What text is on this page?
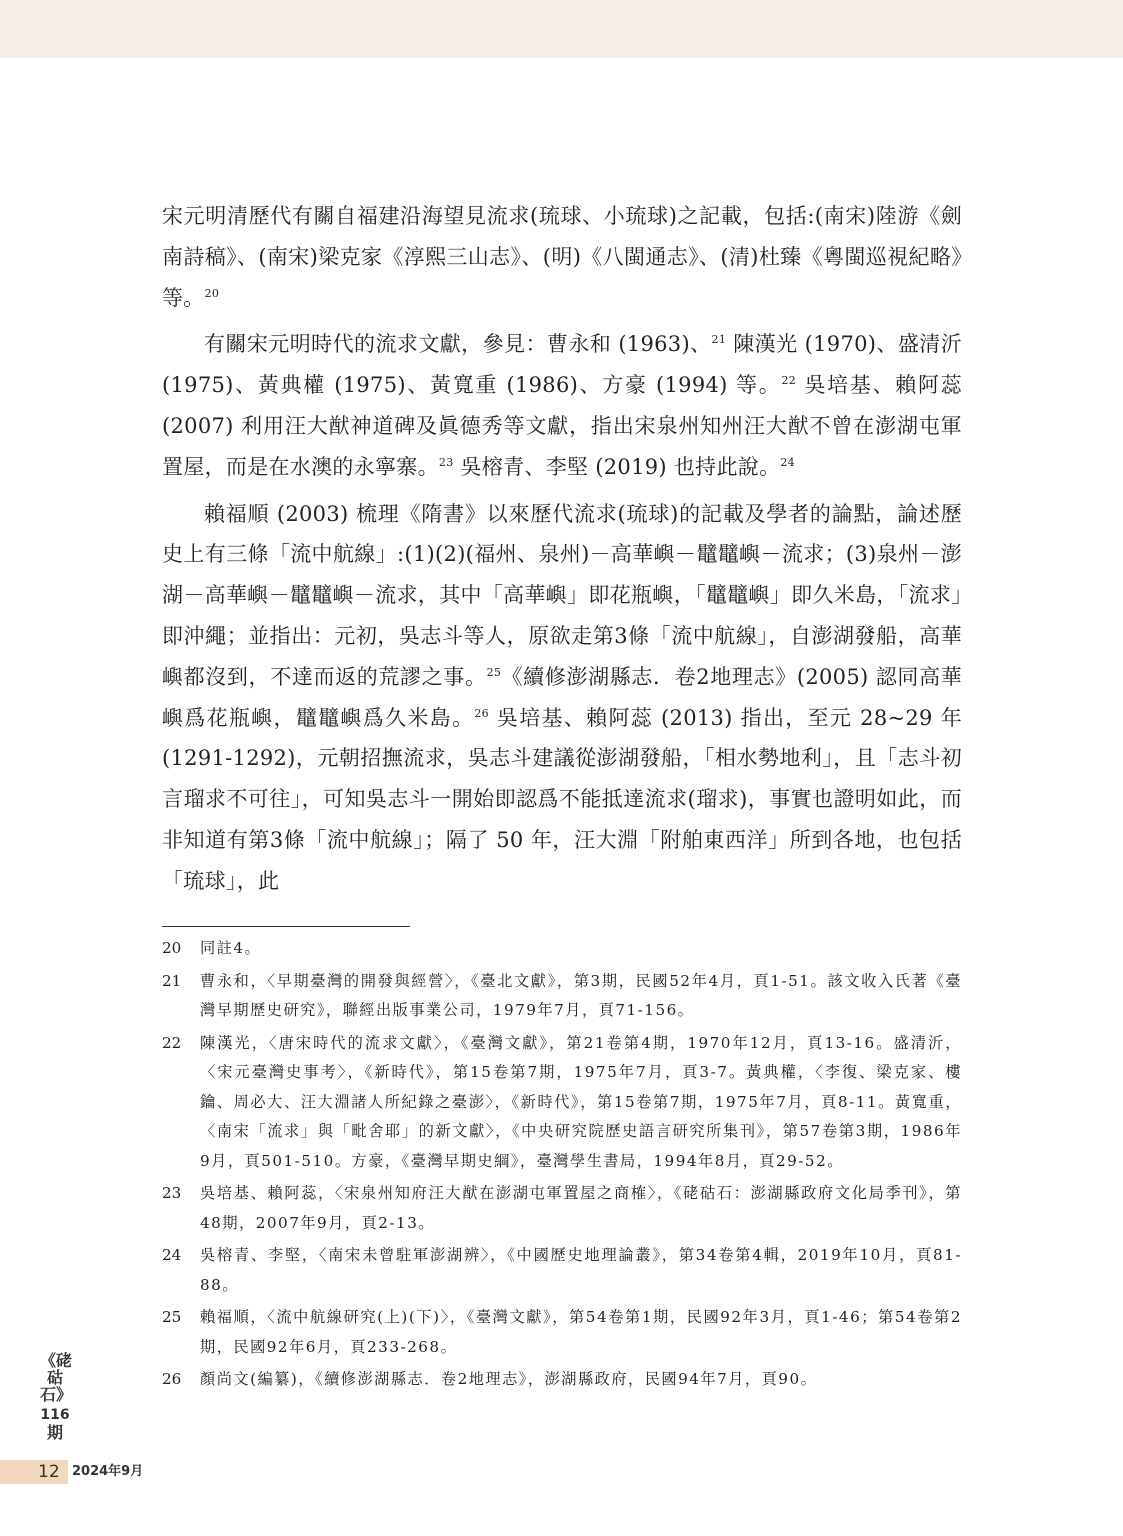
宋元明清歷代有關自福建沿海望見流求(琉球、小琉球)之記載，包括:(南宋)陸游《劍南詩稿》、(南宋)梁克家《淳熙三山志》、(明)《八閩通志》、(清)杜臻《粵閩巡視紀略》等。$^{20}$

有關宋元明時代的流求文獻，參見：曹永和 (1963)、$^{21}$ 陳漢光 (1970)、盛清沂 (1975)、黃典權 (1975)、黃寬重 (1986)、方豪 (1994) 等。$^{22}$ 吳培基、賴阿蕊 (2007) 利用汪大猷神道碑及眞德秀等文獻，指出宋泉州知州汪大猷不曾在澎湖屯軍置屋，而是在水澳的永寧寨。$^{23}$ 吳榕青、李堅 (2019) 也持此說。$^{24}$

賴福順 (2003) 梳理《隋書》以來歷代流求(琉球)的記載及學者的論點，論述歷史上有三條「流中航線」:(1)(2)(福州、泉州)－高華嶼－鼊鼊嶼－流求；(3)泉州－澎湖－高華嶼－鼊鼊嶼－流求，其中「高華嶼」即花瓶嶼，「鼊鼊嶼」即久米島，「流求」即沖繩；並指出：元初，吳志斗等人，原欲走第3條「流中航線」，自澎湖發船，高華嶼都沒到，不達而返的荒謬之事。$^{25}$《續修澎湖縣志．卷2地理志》(2005) 認同高華嶼爲花瓶嶼，鼊鼊嶼爲久米島。$^{26}$ 吳培基、賴阿蕊 (2013) 指出，至元 28~29 年 (1291-1292)，元朝招撫流求，吳志斗建議從澎湖發船，「相水勢地利」，且「志斗初言瑠求不可往」，可知吳志斗一開始即認爲不能抵達流求(瑠求)，事實也證明如此，而非知道有第3條「流中航線」；隔了 50 年，汪大淵「附舶東西洋」所到各地，也包括「琉球」，此

20	同註4。
21	曹永和，〈早期臺灣的開發與經營〉，《臺北文獻》，第3期，民國52年4月，頁1-51。該文收入氏著《臺灣早期歷史研究》，聯經出版事業公司，1979年7月，頁71-156。
22	陳漢光，〈唐宋時代的流求文獻〉，《臺灣文獻》，第21卷第4期，1970年12月，頁13-16。盛清沂，〈宋元臺灣史事考〉，《新時代》，第15卷第7期，1975年7月，頁3-7。黃典權，〈李復、梁克家、樓鑰、周必大、汪大淵諸人所紀錄之臺澎〉，《新時代》，第15卷第7期，1975年7月，頁8-11。黃寬重，〈南宋「流求」與「毗舍耶」的新文獻〉，《中央研究院歷史語言研究所集刊》，第57卷第3期，1986年9月，頁501-510。方豪，《臺灣早期史綱》，臺灣學生書局，1994年8月，頁29-52。
23	吳培基、賴阿蕊，〈宋泉州知府汪大猷在澎湖屯軍置屋之商榷〉，《硓𥑮石：澎湖縣政府文化局季刊》，第48期，2007年9月，頁2-13。
24	吳榕青、李堅，〈南宋未曾駐軍澎湖辨〉，《中國歷史地理論叢》，第34卷第4輯，2019年10月，頁81-88。
25	賴福順，〈流中航線研究(上)(下)〉，《臺灣文獻》，第54卷第1期，民國92年3月，頁1-46；第54卷第2期，民國92年6月，頁233-268。
26	顏尚文(編纂)，《續修澎湖縣志．卷2地理志》，澎湖縣政府，民國94年7月，頁90。
《硓𥑮石》
116
期
12 2024年9月
